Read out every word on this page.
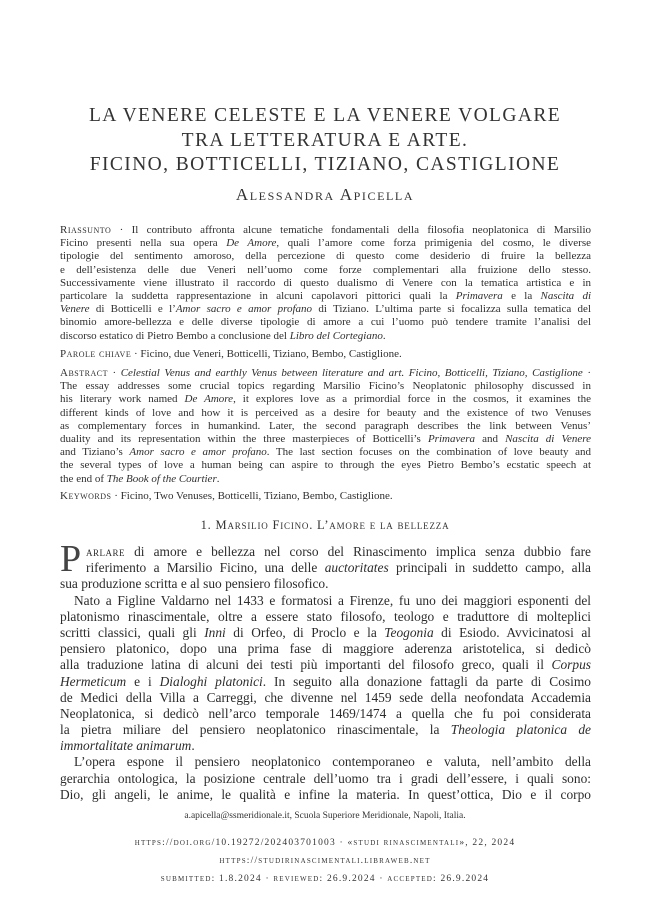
LA VENERE CELESTE E LA VENERE VOLGARE
TRA LETTERATURA E ARTE.
FICINO, BOTTICELLI, TIZIANO, CASTIGLIONE
Alessandra Apicella
Riassunto · Il contributo affronta alcune tematiche fondamentali della filosofia neoplatonica di Marsilio
Ficino presenti nella sua opera De Amore, quali l’amore come forza primigenia del cosmo, le diverse
tipologie del sentimento amoroso, della percezione di questo come desiderio di fruire la bellezza
e dell’esistenza delle due Veneri nell’uomo come forze complementari alla fruizione dello stesso.
Successivamente viene illustrato il raccordo di questo dualismo di Venere con la tematica artistica e in
particolare la suddetta rappresentazione in alcuni capolavori pittorici quali la Primavera e la Nascita di
Venere di Botticelli e l’Amor sacro e amor profano di Tiziano. L’ultima parte si focalizza sulla tematica del
binomio amore-bellezza e delle diverse tipologie di amore a cui l’uomo può tendere tramite l’analisi del
discorso estatico di Pietro Bembo a conclusione del Libro del Cortegiano.
Parole chiave · Ficino, due Veneri, Botticelli, Tiziano, Bembo, Castiglione.
Abstract · Celestial Venus and earthly Venus between literature and art. Ficino, Botticelli, Tiziano, Castiglione ·
The essay addresses some crucial topics regarding Marsilio Ficino’s Neoplatonic philosophy discussed in
his literary work named De Amore, it explores love as a primordial force in the cosmos, it examines the
different kinds of love and how it is perceived as a desire for beauty and the existence of two Venuses
as complementary forces in humankind. Later, the second paragraph describes the link between Venus’
duality and its representation within the three masterpieces of Botticelli’s Primavera and Nascita di Venere
and Tiziano’s Amor sacro e amor profano. The last section focuses on the combination of love beauty and
the several types of love a human being can aspire to through the eyes Pietro Bembo’s ecstatic speech at
the end of The Book of the Courtier.
Keywords · Ficino, Two Venuses, Botticelli, Tiziano, Bembo, Castiglione.
1. Marsilio Ficino. L’amore e la bellezza
P arlare di amore e bellezza nel corso del Rinascimento implica senza dubbio fare
riferimento a Marsilio Ficino, una delle auctoritates principali in suddetto campo, alla
sua produzione scritta e al suo pensiero filosofico.
Nato a Figline Valdarno nel 1433 e formatosi a Firenze, fu uno dei maggiori esponenti del
platonismo rinascimentale, oltre a essere stato filosofo, teologo e traduttore di molteplici
scritti classici, quali gli Inni di Orfeo, di Proclo e la Teogonia di Esiodo. Avvicinatosi al
pensiero platonico, dopo una prima fase di maggiore aderenza aristotelica, si dedicò
alla traduzione latina di alcuni dei testi più importanti del filosofo greco, quali il Corpus
Hermeticum e i Dialoghi platonici. In seguito alla donazione fattagli da parte di Cosimo
de Medici della Villa a Carreggi, che divenne nel 1459 sede della neofondata Accademia
Neoplatonica, si dedicò nell’arco temporale 1469/1474 a quella che fu poi considerata
la pietra miliare del pensiero neoplatonico rinascimentale, la Theologia platonica de
immortalitate animarum.
L’opera espone il pensiero neoplatonico contemporaneo e valuta, nell’ambito della
gerarchia ontologica, la posizione centrale dell’uomo tra i gradi dell’essere, i quali sono:
Dio, gli angeli, le anime, le qualità e infine la materia. In quest’ottica, Dio e il corpo
a.apicella@ssmeridionale.it, Scuola Superiore Meridionale, Napoli, Italia.
https://doi.org/10.19272/202403701003 · «studi rinascimentali», 22, 2024
https://studirinascimentali.libraweb.net
submitted: 1.8.2024 · reviewed: 26.9.2024 · accepted: 26.9.2024
